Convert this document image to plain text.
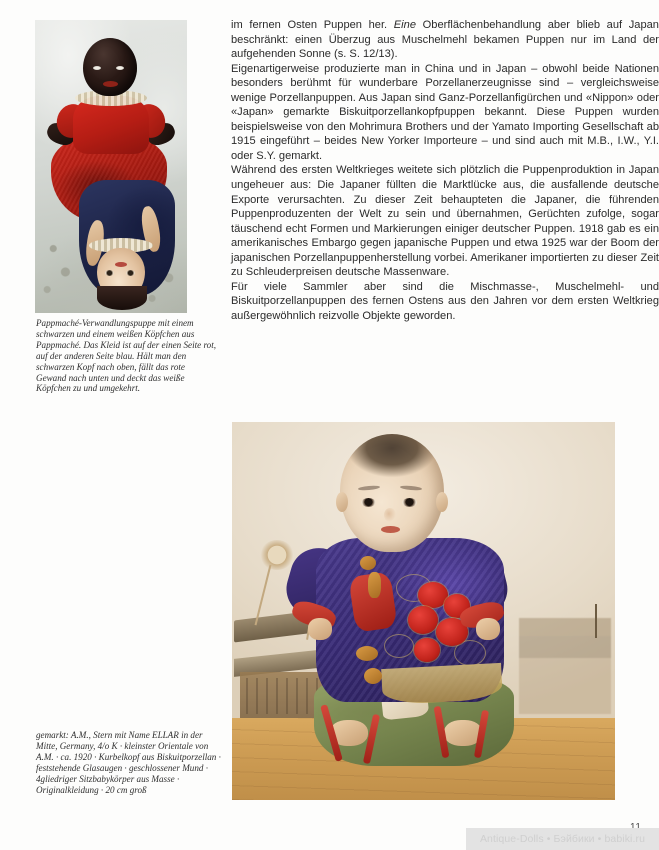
im fernen Osten Puppen her. Eine Oberflächenbehandlung aber blieb auf Japan beschränkt: einen Überzug aus Muschelmehl bekamen Puppen nur im Land der aufgehenden Sonne (s. S. 12/13).

Eigenartigerweise produzierte man in China und in Japan – obwohl beide Nationen besonders berühmt für wunderbare Porzellanerzeugnisse sind – vergleichsweise wenige Porzellanpuppen. Aus Japan sind Ganz-Porzellanfigürchen und «Nippon» oder «Japan» gemarkte Biskuitporzellankopfpuppen bekannt. Diese Puppen wurden beispielsweise von den Mohrimura Brothers und der Yamato Importing Gesellschaft ab 1915 eingeführt – beides New Yorker Importeure – und sind auch mit M.B., I.W., Y.I. oder S.Y. gemarkt.

Während des ersten Weltkrieges weitete sich plötzlich die Puppenproduktion in Japan ungeheuer aus: Die Japaner füllten die Marktlücke aus, die ausfallende deutsche Exporte verursachten. Zu dieser Zeit behaupteten die Japaner, die führenden Puppenproduzenten der Welt zu sein und übernahmen, Gerüchten zufolge, sogar täuschend echt Formen und Markierungen einiger deutscher Puppen. 1918 gab es ein amerikanisches Embargo gegen japanische Puppen und etwa 1925 war der Boom der japanischen Porzellanpuppenherstellung vorbei. Amerikaner importierten zu dieser Zeit zu Schleuderpreisen deutsche Massenware.

Für viele Sammler aber sind die Mischmasse-, Muschelmehl- und Biskuitporzellanpuppen des fernen Ostens aus den Jahren vor dem ersten Weltkrieg außergewöhnlich reizvolle Objekte geworden.

Pappmaché-Verwandlungspuppe mit einem schwarzen und einem weißen Köpfchen aus Pappmaché. Das Kleid ist auf der einen Seite rot, auf der anderen Seite blau. Hält man den schwarzen Kopf nach oben, fällt das rote Gewand nach unten und deckt das weiße Köpfchen zu und umgekehrt.
gemarkt: A.M., Stern mit Name ELLAR in der Mitte, Germany, 4/o K · kleinster Orientale von A.M. · ca. 1920 · Kurbelkopf aus Biskuitporzellan · feststehende Glasaugen · geschlossener Mund · 4gliedriger Sitzbabykörper aus Masse · Originalkleidung · 20 cm groß
Antique-Dolls • Бэйбики • babiki.ru
